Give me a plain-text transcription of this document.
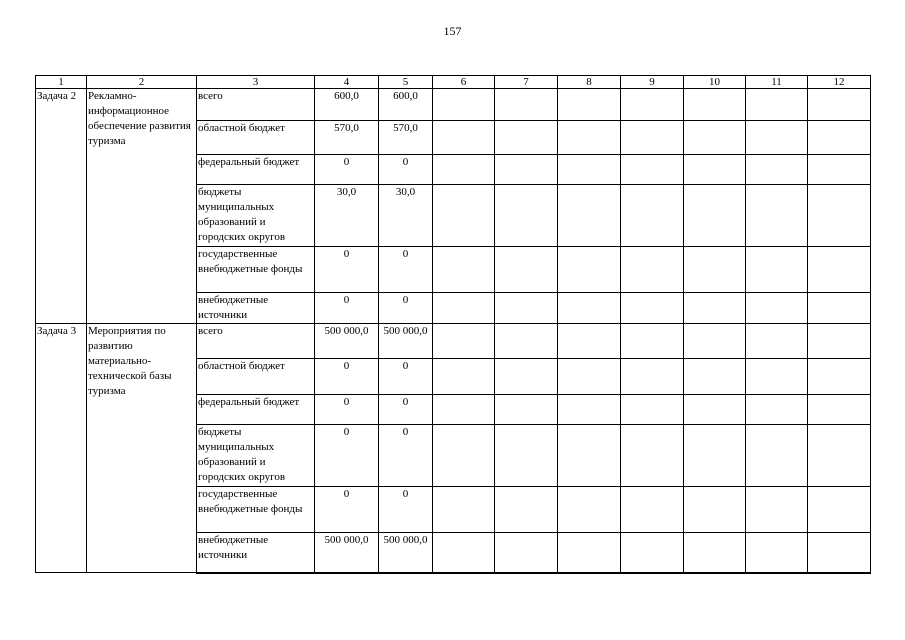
157
1	2	3	4	5	6	7	8	9	10	11	12
Задача 2	Рекламно-информационное обеспечение развития туризма	всего	600,0	600,0							
		областной бюджет	570,0	570,0							
		федеральный бюджет	0	0							
		бюджеты муниципальных образований и городских округов	30,0	30,0							
		государственные внебюджетные фонды	0	0							
		внебюджетные источники	0	0							
Задача 3	Мероприятия по развитию материально-технической базы туризма	всего	500 000,0	500 000,0							
		областной бюджет	0	0							
		федеральный бюджет	0	0							
		бюджеты муниципальных образований и городских округов	0	0							
		государственные внебюджетные фонды	0	0							
		внебюджетные источники	500 000,0	500 000,0							
